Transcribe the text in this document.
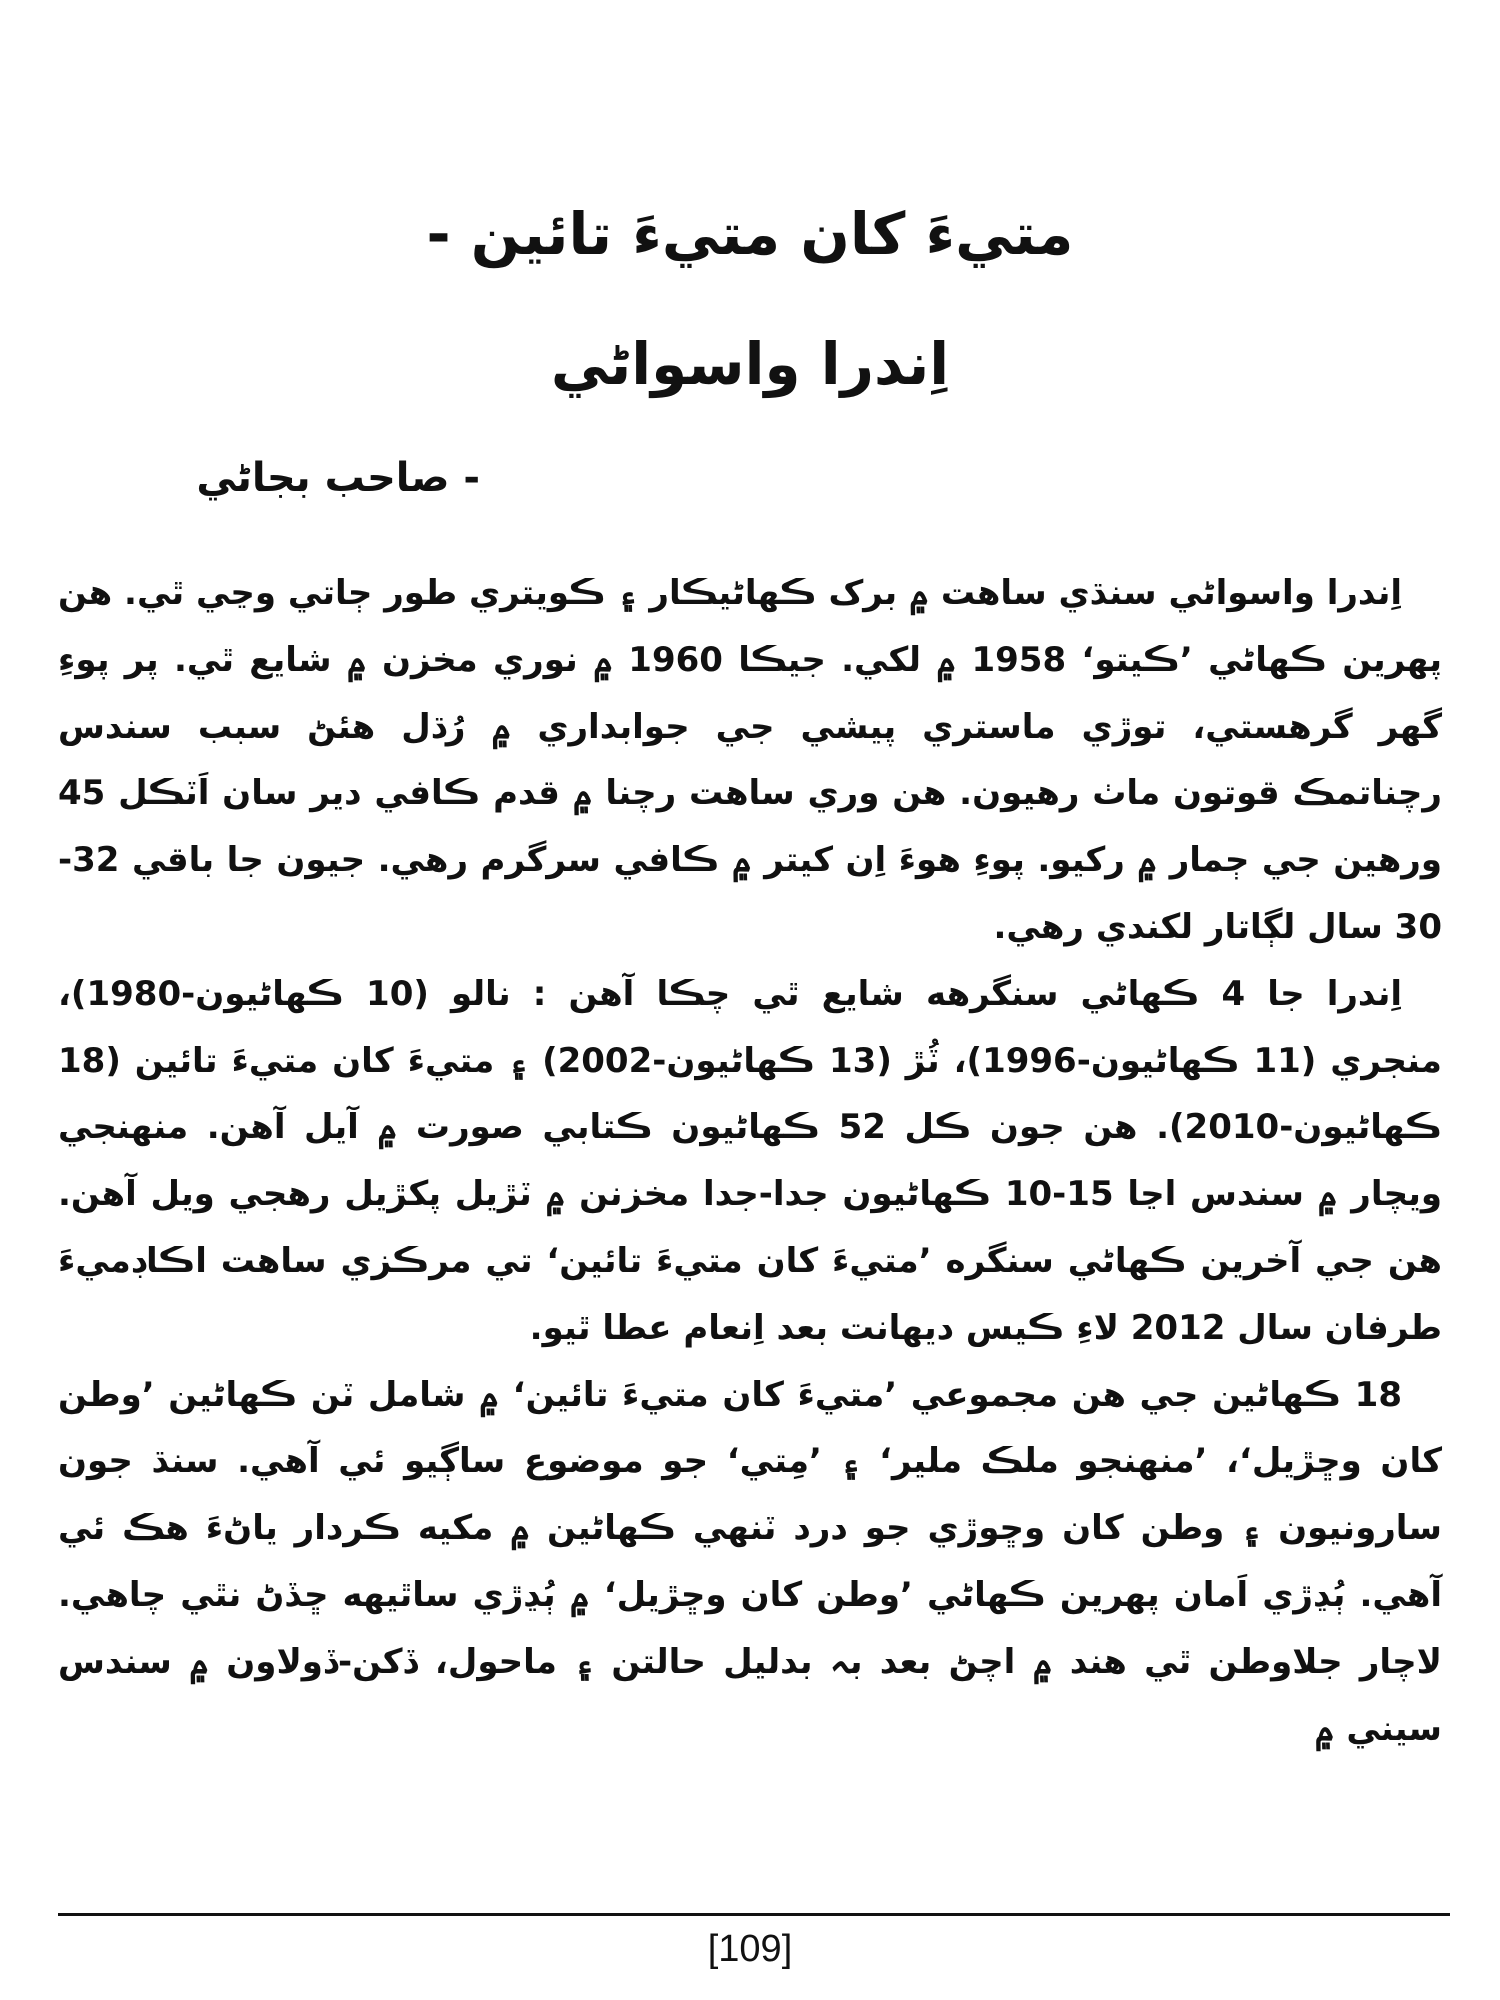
متيءَ کان متيءَ تائين -
اِندرا واسواڻي
- صاحب بجاڻي

اِندرا واسواڻي سنڌي ساهت ۾ برک ڪهاڻيڪار ۽ ڪويتري طور ڄاتي وڃي ٿي. هن پهرين ڪهاڻي ’ڪيتو‘ 1958 ۾ لکي. جيڪا 1960 ۾ نوري مخزن ۾ شايع ٿي. پر پوءِ گهر گرهستي، توڙي ماستري پيشي جي جوابداري ۾ رُڌل هئڻ سبب سندس رچناتمڪ قوتون ماٺ رهيون. هن وري ساهت رچنا ۾ قدم ڪافي دير سان اَٽڪل 45 ورهين جي ڄمار ۾ رکيو. پوءِ هوءَ اِن کيتر ۾ ڪافي سرگرم رهي. جيون جا باقي 32-30 سال لڳاتار لکندي رهي.

اِندرا جا 4 ڪهاڻي سنگرهه شايع ٿي چڪا آهن : نالو (10 ڪهاڻيون-1980)، منجري (11 ڪهاڻيون-1996)، ٽُڙ (13 ڪهاڻيون-2002) ۽ متيءَ کان متيءَ تائين (18 ڪهاڻيون-2010). هن جون ڪل 52 ڪهاڻيون ڪتابي صورت ۾ آيل آهن. منهنجي ويچار ۾ سندس اڃا 15-10 ڪهاڻيون جدا-جدا مخزنن ۾ ٽڙيل پکڙيل رهجي ويل آهن. هن جي آخرين ڪهاڻي سنگره ’متيءَ کان متيءَ تائين‘ تي مرڪزي ساهت اڪاڊميءَ طرفان سال 2012 لاءِ ڪيس ديهانت بعد اِنعام عطا ٿيو.

18 ڪهاڻين جي هن مجموعي ’متيءَ کان متيءَ تائين‘ ۾ شامل ٽن ڪهاڻين ’وطن کان وڇڙيل‘، ’منهنجو ملڪ ملير‘ ۽ ’مِتي‘ جو موضوع ساڳيو ئي آهي. سنڌ جون سارونيون ۽ وطن کان وڇوڙي جو درد ٽنهي ڪهاڻين ۾ مکيه ڪردار ياڻءَ هڪ ئي آهي. ٻُڍڙي اَمان پهرين ڪهاڻي ’وطن کان وڇڙيل‘ ۾ ٻُڍڙي ساٿيهه ڇڏڻ نٿي چاهي. لاچار جلاوطن ٿي هند ۾ اچڻ بعد بہ بدليل حالتن ۽ ماحول، ڏکن-ڏولاون ۾ سندس سيني ۾

[109]
